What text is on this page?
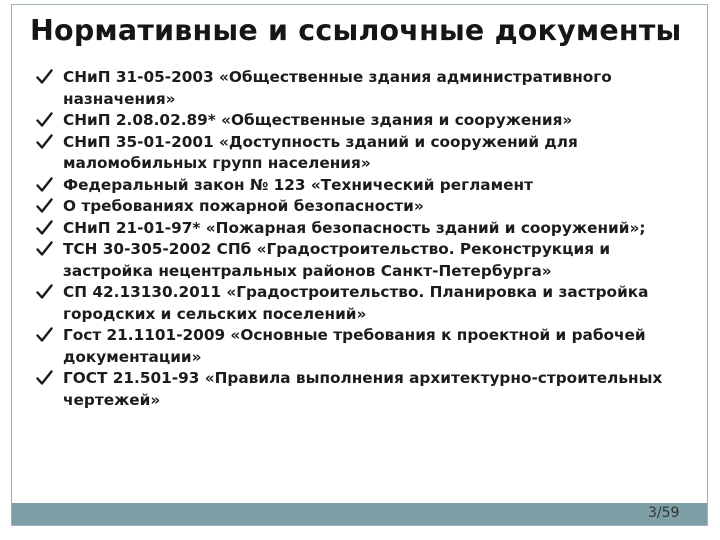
Нормативные и ссылочные документы
СНиП 31-05-2003 «Общественные здания административного назначения»
СНиП 2.08.02.89* «Общественные здания и сооружения»
СНиП 35-01-2001 «Доступность зданий и сооружений для маломобильных групп населения»
Федеральный закон № 123 «Технический регламент
О требованиях пожарной безопасности»
СНиП 21-01-97* «Пожарная безопасность зданий и сооружений»;
ТСН 30-305-2002 СПб «Градостроительство. Реконструкция и застройка нецентральных районов Санкт-Петербурга»
СП 42.13130.2011 «Градостроительство. Планировка и застройка городских и сельских поселений»
Гост 21.1101-2009 «Основные требования к проектной и рабочей документации»
ГОСТ 21.501-93 «Правила выполнения архитектурно-строительных чертежей»
3/59
